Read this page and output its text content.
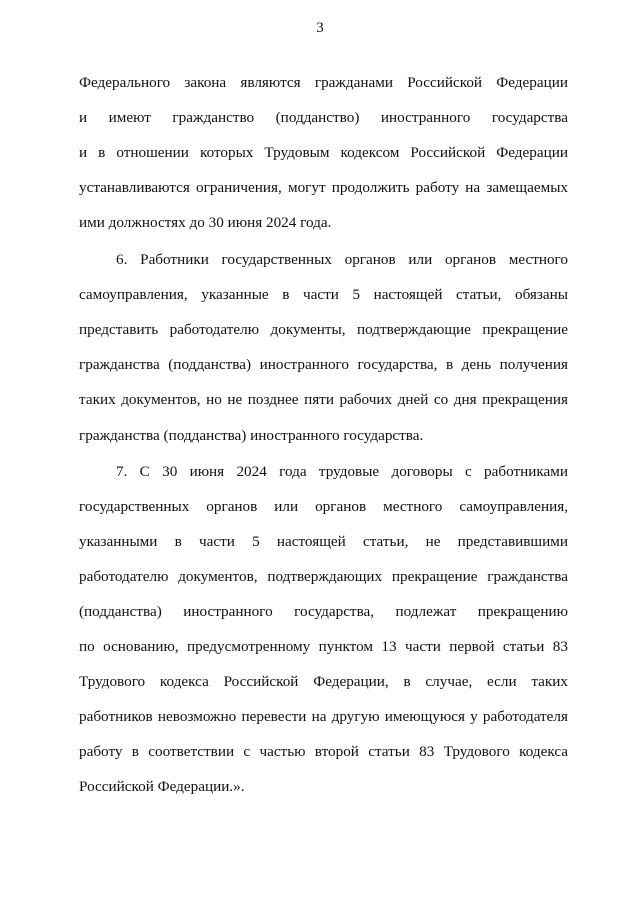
3
Федерального закона являются гражданами Российской Федерации
и имеют гражданство (подданство) иностранного государства
и в отношении которых Трудовым кодексом Российской Федерации
устанавливаются ограничения, могут продолжить работу на замещаемых
ими должностях до 30 июня 2024 года.
6. Работники государственных органов или органов местного
самоуправления, указанные в части 5 настоящей статьи, обязаны
представить работодателю документы, подтверждающие прекращение
гражданства (подданства) иностранного государства, в день получения
таких документов, но не позднее пяти рабочих дней со дня прекращения
гражданства (подданства) иностранного государства.
7. С 30 июня 2024 года трудовые договоры с работниками
государственных органов или органов местного самоуправления,
указанными в части 5 настоящей статьи, не представившими
работодателю документов, подтверждающих прекращение гражданства
(подданства) иностранного государства, подлежат прекращению
по основанию, предусмотренному пунктом 13 части первой статьи 83
Трудового кодекса Российской Федерации, в случае, если таких
работников невозможно перевести на другую имеющуюся у работодателя
работу в соответствии с частью второй статьи 83 Трудового кодекса
Российской Федерации.».
